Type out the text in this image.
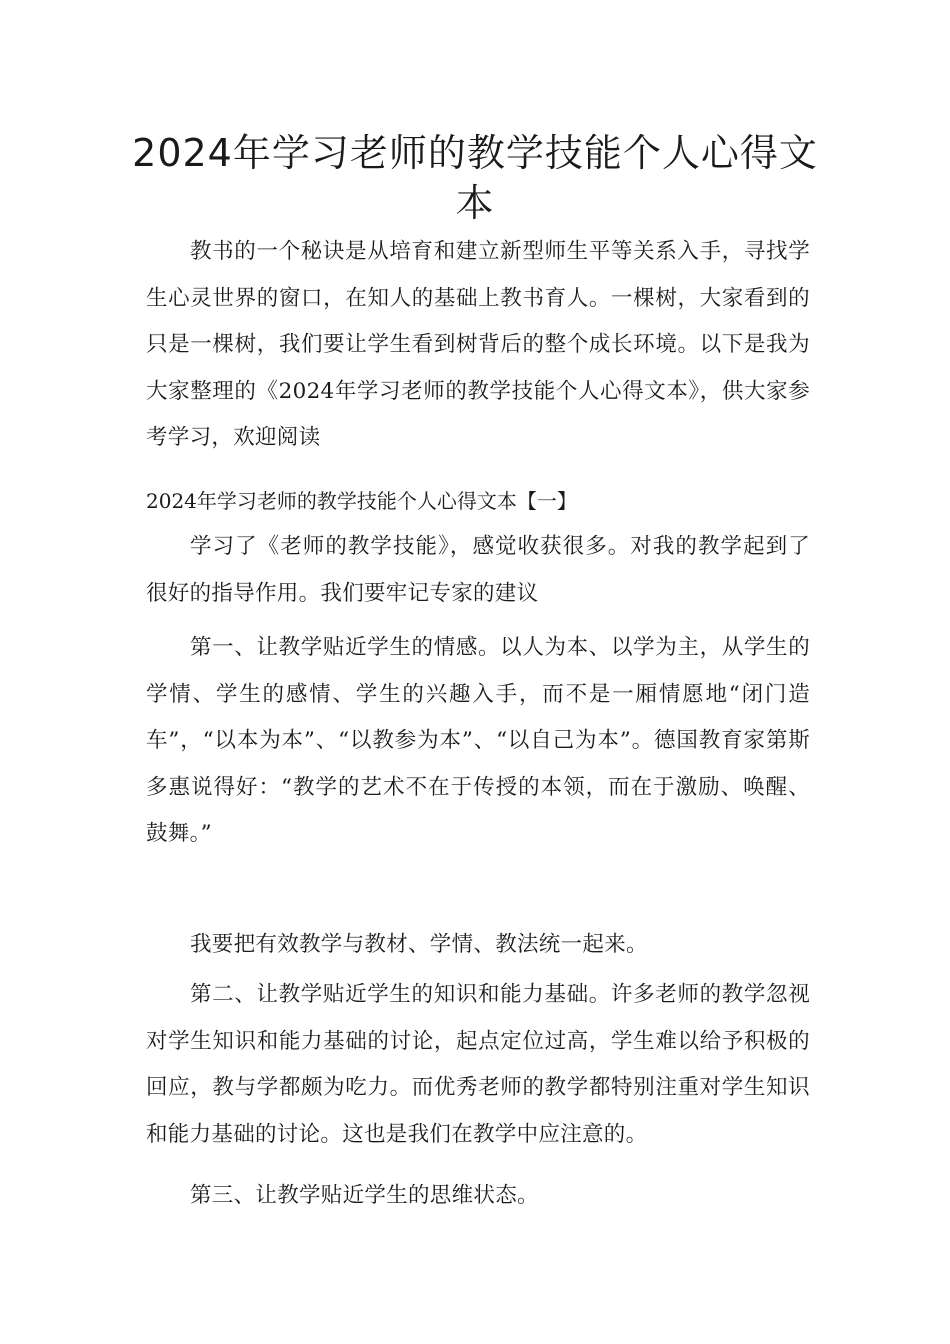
2024年学习老师的教学技能个人心得文本

教书的一个秘诀是从培育和建立新型师生平等关系入手，寻找学生心灵世界的窗口，在知人的基础上教书育人。一棵树，大家看到的只是一棵树，我们要让学生看到树背后的整个成长环境。以下是我为大家整理的《2024年学习老师的教学技能个人心得文本》，供大家参考学习，欢迎阅读

2024年学习老师的教学技能个人心得文本【一】

学习了《老师的教学技能》，感觉收获很多。对我的教学起到了很好的指导作用。我们要牢记专家的建议

第一、让教学贴近学生的情感。以人为本、以学为主，从学生的学情、学生的感情、学生的兴趣入手，而不是一厢情愿地“闭门造车”，“以本为本”、“以教参为本”、“以自己为本”。德国教育家第斯多惠说得好：“教学的艺术不在于传授的本领，而在于激励、唤醒、鼓舞。”

我要把有效教学与教材、学情、教法统一起来。

第二、让教学贴近学生的知识和能力基础。许多老师的教学忽视对学生知识和能力基础的讨论，起点定位过高，学生难以给予积极的回应，教与学都颇为吃力。而优秀老师的教学都特别注重对学生知识和能力基础的讨论。这也是我们在教学中应注意的。

第三、让教学贴近学生的思维状态。
